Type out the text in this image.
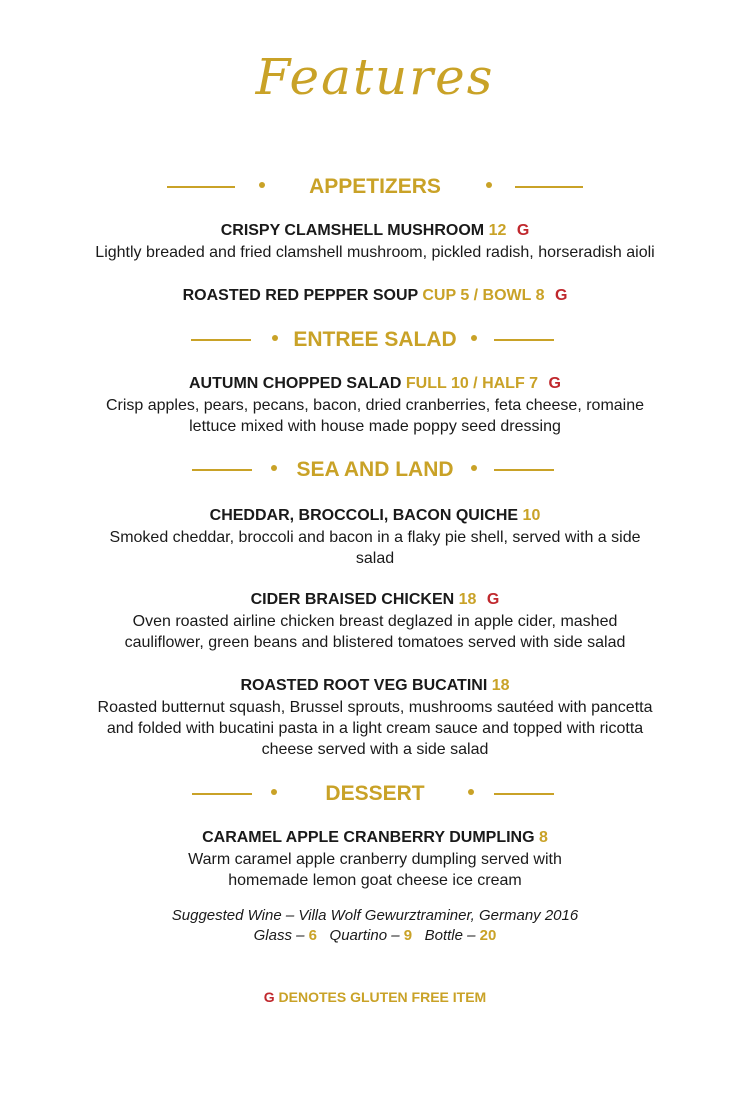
Features
APPETIZERS
CRISPY CLAMSHELL MUSHROOM 12 G
Lightly breaded and fried clamshell mushroom, pickled radish, horseradish aioli
ROASTED RED PEPPER SOUP CUP 5 / BOWL 8 G
ENTREE SALAD
AUTUMN CHOPPED SALAD FULL 10 / HALF 7 G
Crisp apples, pears, pecans, bacon, dried cranberries, feta cheese, romaine
lettuce mixed with house made poppy seed dressing
SEA AND LAND
CHEDDAR, BROCCOLI, BACON QUICHE 10
Smoked cheddar, broccoli and bacon in a flaky pie shell, served with a side
salad
CIDER BRAISED CHICKEN 18 G
Oven roasted airline chicken breast deglazed in apple cider, mashed
cauliflower, green beans and blistered tomatoes served with side salad
ROASTED ROOT VEG BUCATINI 18
Roasted butternut squash, Brussel sprouts, mushrooms sautéed with pancetta
and folded with bucatini pasta in a light cream sauce and topped with ricotta
cheese served with a side salad
DESSERT
CARAMEL APPLE CRANBERRY DUMPLING 8
Warm caramel apple cranberry dumpling served with
homemade lemon goat cheese ice cream
Suggested Wine – Villa Wolf Gewurztraminer, Germany 2016
Glass – 6 Quartino – 9 Bottle – 20
G DENOTES GLUTEN FREE ITEM
